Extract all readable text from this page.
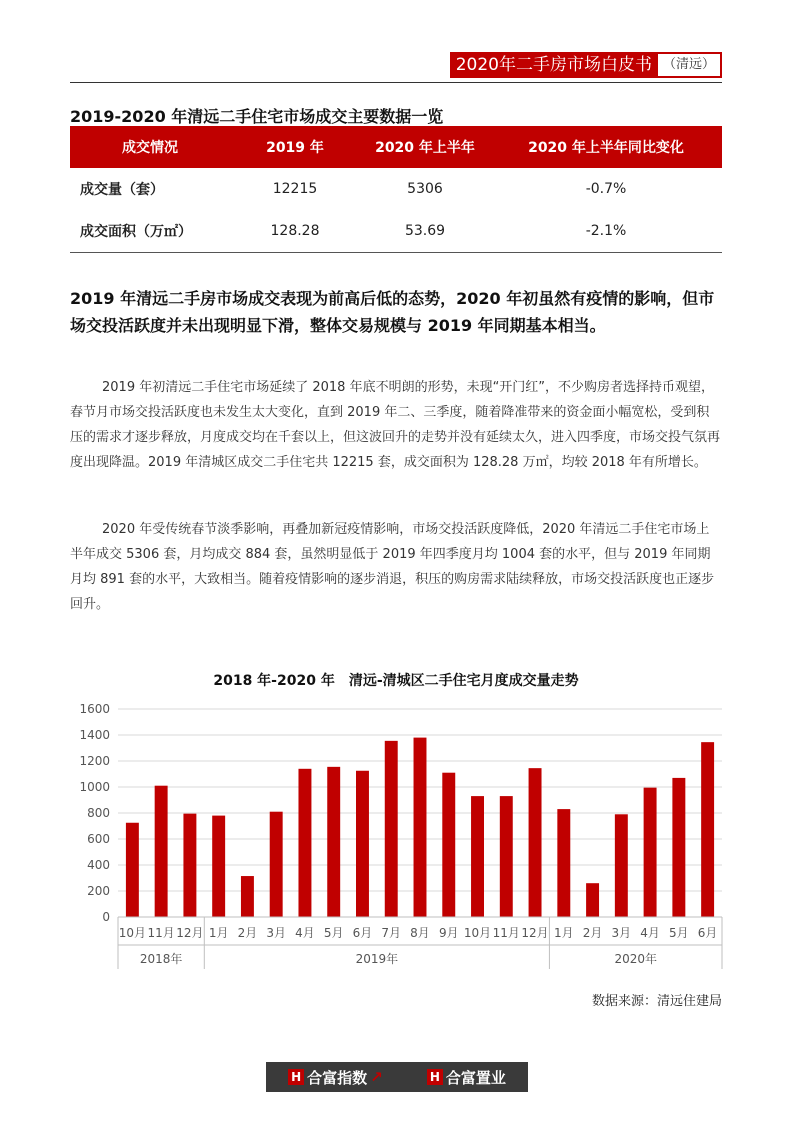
2020年二手房市场白皮书 （清远）
2019-2020 年清远二手住宅市场成交主要数据一览
成交情况	2019 年	2020 年上半年	2020 年上半年同比变化
成交量（套）	12215	5306	-0.7%
成交面积（万㎡）	128.28	53.69	-2.1%
2019 年清远二手房市场成交表现为前高后低的态势，2020 年初虽然有疫情的影响，但市场交投活跃度并未出现明显下滑，整体交易规模与 2019 年同期基本相当。

2019 年初清远二手住宅市场延续了 2018 年底不明朗的形势，未现“开门红”，不少购房者选择持币观望，春节月市场交投活跃度也未发生太大变化，直到 2019 年二、三季度，随着降准带来的资金面小幅宽松，受到积压的需求才逐步释放，月度成交均在千套以上，但这波回升的走势并没有延续太久，进入四季度，市场交投气氛再度出现降温。2019 年清城区成交二手住宅共 12215 套，成交面积为 128.28 万㎡，均较 2018 年有所增长。

2020 年受传统春节淡季影响，再叠加新冠疫情影响，市场交投活跃度降低，2020 年清远二手住宅市场上半年成交 5306 套，月均成交 884 套，虽然明显低于 2019 年四季度月均 1004 套的水平，但与 2019 年同期月均 891 套的水平，大致相当。随着疫情影响的逐步消退，积压的购房需求陆续释放，市场交投活跃度也正逐步回升。

2018 年-2020 年　清远-清城区二手住宅月度成交量走势
0
200
400
600
800
1000
1200
1400
1600
10月 11月 12月 1月 2月 3月 4月 5月 6月 7月 8月 9月 10月 11月 12月 1月 2月 3月 4月 5月 6月
2018年	2019年	2020年
数据来源：清远住建局
H 合富指数 ↗	H 合富置业
